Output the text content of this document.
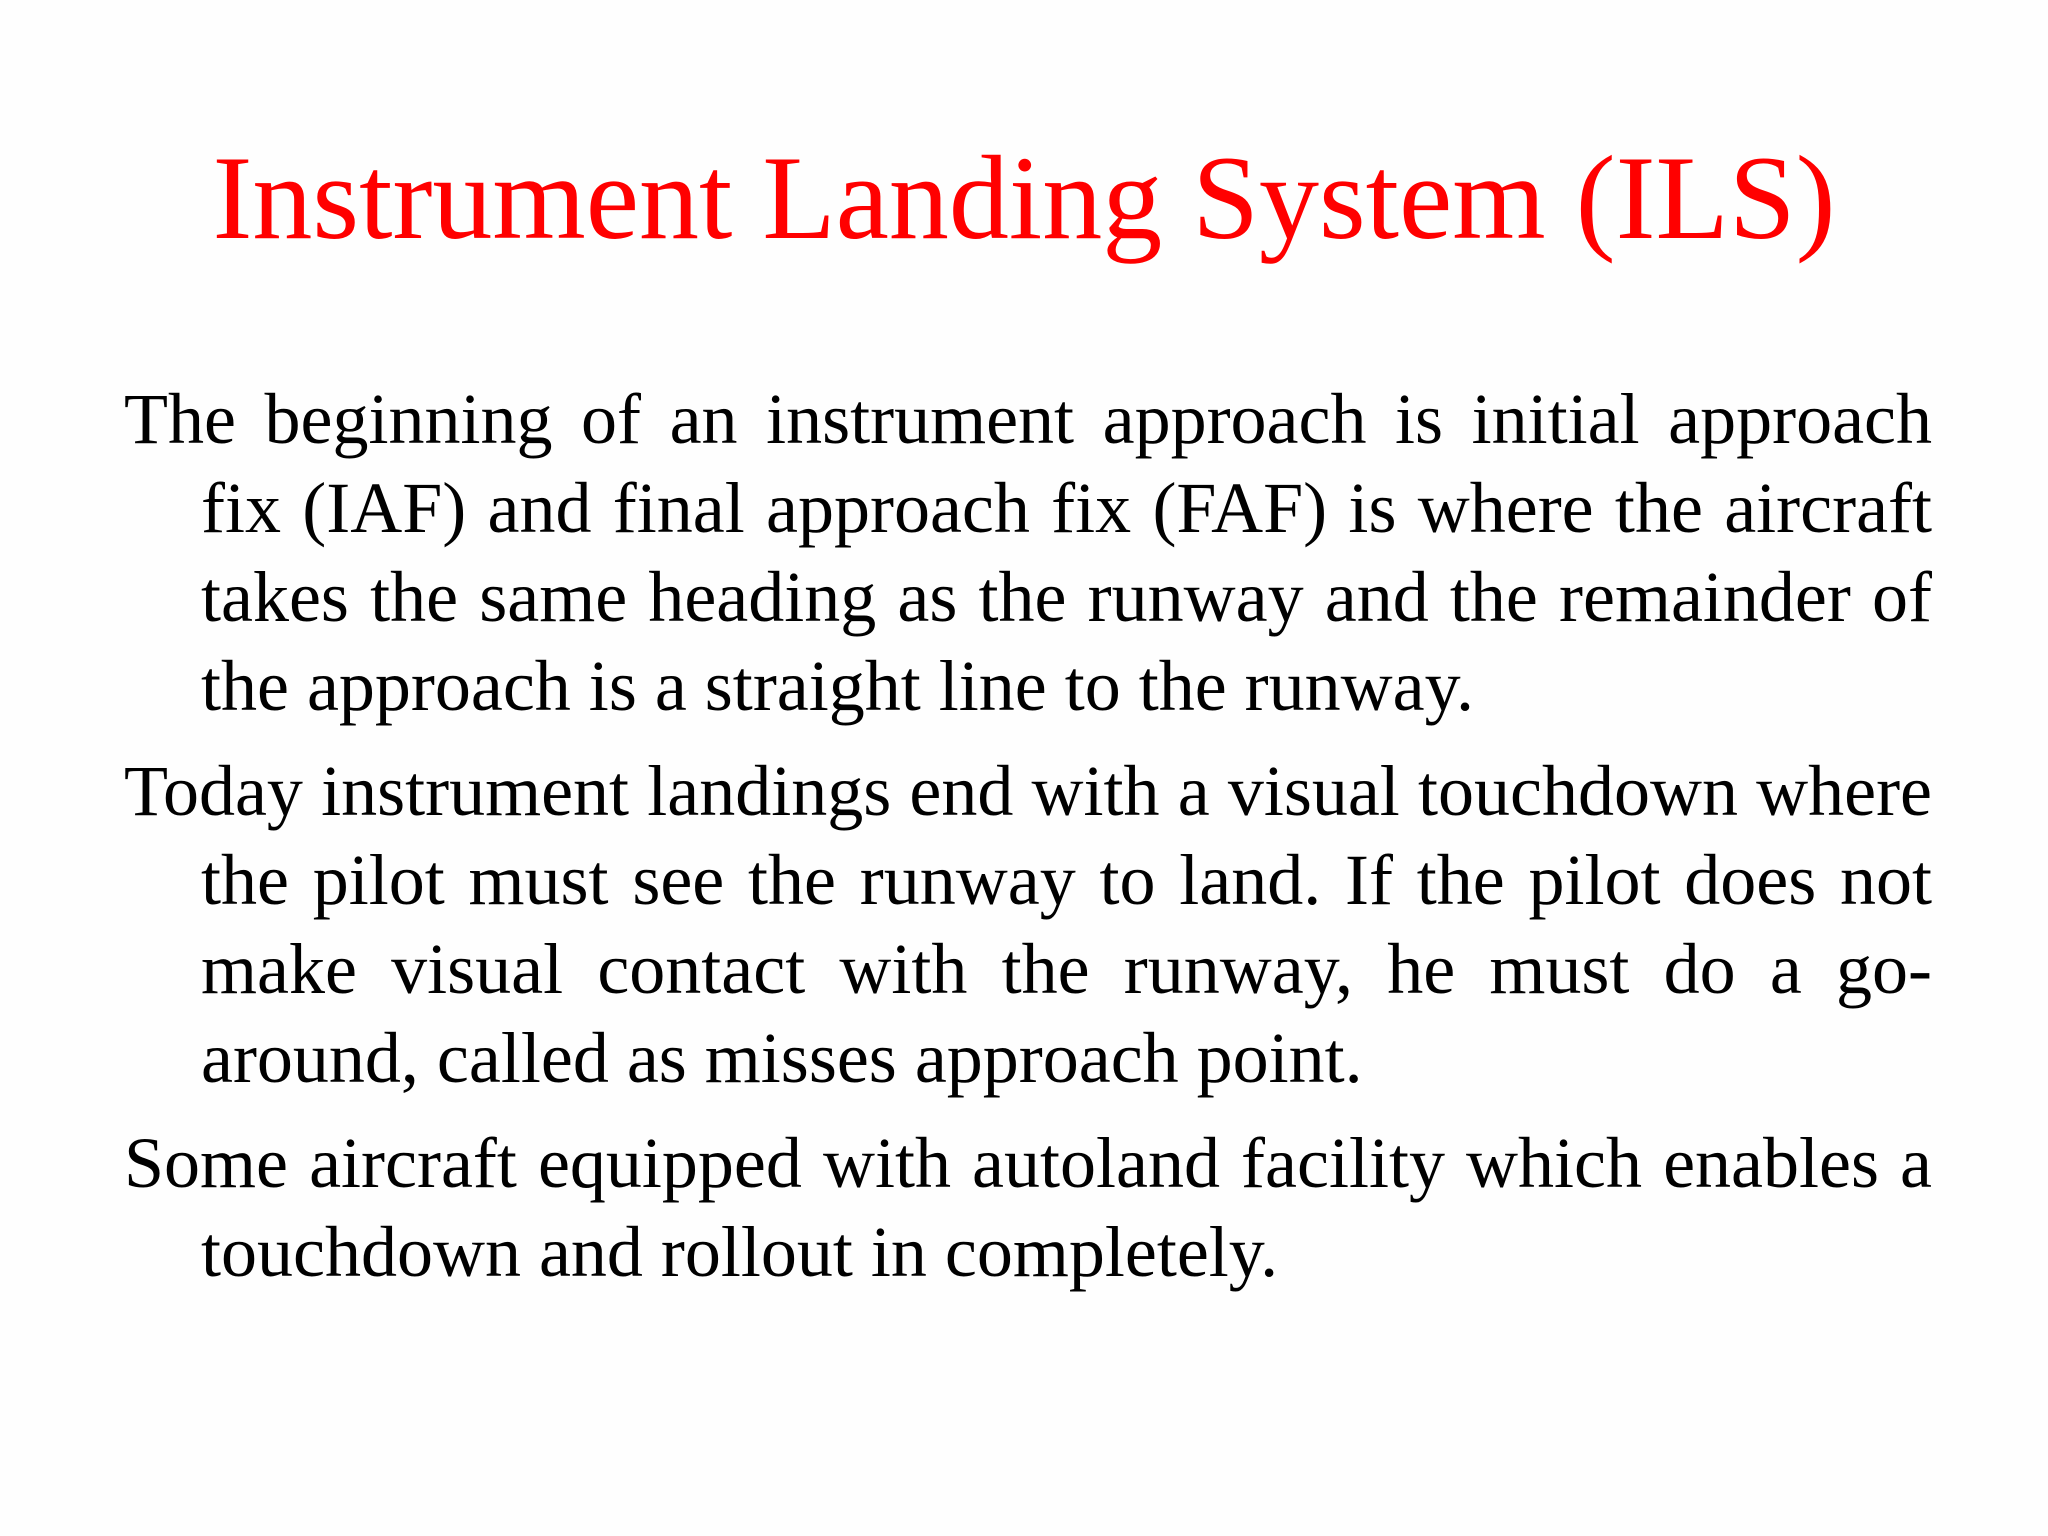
Instrument Landing System (ILS)
The beginning of an instrument approach is initial approach fix (IAF) and final approach fix (FAF) is where the aircraft takes the same heading as the runway and the remainder of the approach is a straight line to the runway.
Today instrument landings end with a visual touchdown where the pilot must see the runway to land. If the pilot does not make visual contact with the runway, he must do a go-around, called as misses approach point.
Some aircraft equipped with autoland facility which enables a touchdown and rollout in completely.
